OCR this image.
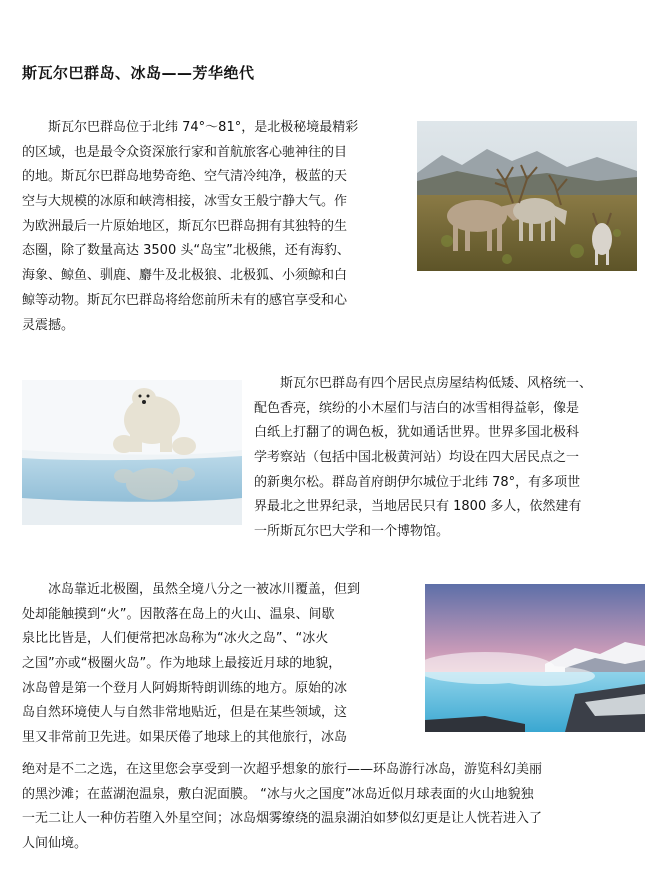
斯瓦尔巴群岛、冰岛——芳华绝代
　　斯瓦尔巴群岛位于北纬 74°～81°，是北极秘境最精彩
的区域，也是最令众资深旅行家和首航旅客心驰神往的目
的地。斯瓦尔巴群岛地势奇绝、空气清冷纯净，极蓝的天
空与大规模的冰原和峡湾相接，冰雪女王般宁静大气。作
为欧洲最后一片原始地区，斯瓦尔巴群岛拥有其独特的生
态圈，除了数量高达 3500 头“岛宝”北极熊，还有海豹、
海象、鲸鱼、驯鹿、麝牛及北极狼、北极狐、小须鲸和白
鲸等动物。斯瓦尔巴群岛将给您前所未有的感官享受和心
灵震撼。
　　斯瓦尔巴群岛有四个居民点房屋结构低矮、风格统一、
配色香亮，缤纷的小木屋们与洁白的冰雪相得益彰，像是
白纸上打翻了的调色板，犹如通话世界。世界多国北极科
学考察站（包括中国北极黄河站）均设在四大居民点之一
的新奥尔松。群岛首府朗伊尔城位于北纬 78°，有多项世
界最北之世界纪录，当地居民只有 1800 多人，依然建有
一所斯瓦尔巴大学和一个博物馆。
　　冰岛靠近北极圈，虽然全境八分之一被冰川覆盖，但到
处却能触摸到“火”。因散落在岛上的火山、温泉、间歇
泉比比皆是，人们便常把冰岛称为“冰火之岛”、“冰火
之国”亦或“极圈火岛”。作为地球上最接近月球的地貌，
冰岛曾是第一个登月人阿姆斯特朗训练的地方。原始的冰
岛自然环境使人与自然非常地贴近，但是在某些领域，这
里又非常前卫先进。如果厌倦了地球上的其他旅行，冰岛
绝对是不二之选，在这里您会享受到一次超乎想象的旅行——环岛游行冰岛，游览科幻美丽
的黑沙滩；在蓝湖泡温泉，敷白泥面膜。 “冰与火之国度”冰岛近似月球表面的火山地貌独
一无二让人一种仿若堕入外星空间；冰岛烟雾缭绕的温泉湖泊如梦似幻更是让人恍若进入了
人间仙境。
